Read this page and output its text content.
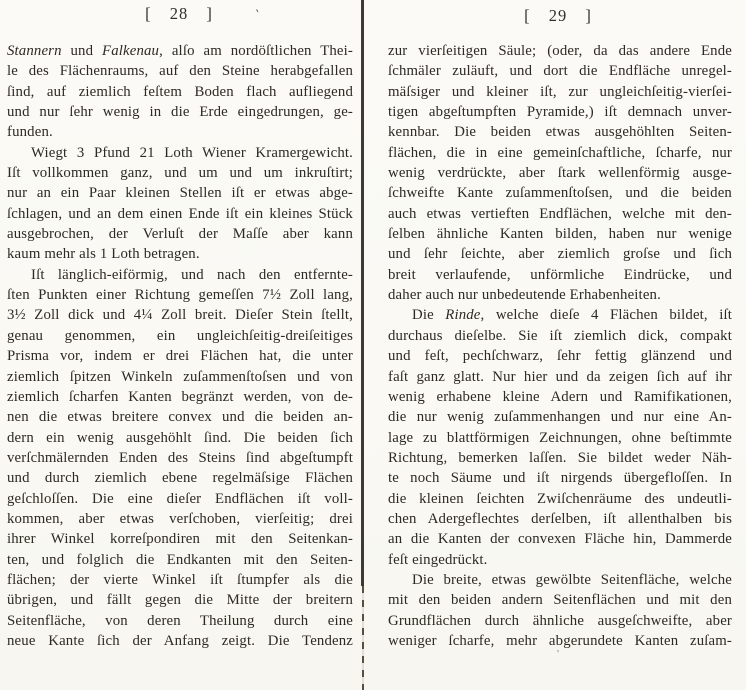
[ 28 ]	[ 29 ]
`
'
Stannern und Falkenau, alſo am nordöſtlichen Thei-
le des Flächenraums, auf den Steine herabgefallen
ſind, auf ziemlich feſtem Boden flach aufliegend
und nur ſehr wenig in die Erde eingedrungen, ge-
funden.
Wiegt 3 Pfund 21 Loth Wiener Kramergewicht.
Iſt vollkommen ganz, und um und um inkruſtirt;
nur an ein Paar kleinen Stellen iſt er etwas abge-
ſchlagen, und an dem einen Ende iſt ein kleines Stück
ausgebrochen, der Verluſt der Maſſe aber kann
kaum mehr als 1 Loth betragen.
Iſt länglich-eiförmig, und nach den entfernte-
ſten Punkten einer Richtung gemeſſen 7½ Zoll lang,
3½ Zoll dick und 4¼ Zoll breit. Dieſer Stein ſtellt,
genau genommen, ein ungleichſeitig-dreiſeitiges
Prisma vor, indem er drei Flächen hat, die unter
ziemlich ſpitzen Winkeln zuſammenſtoſsen und von
ziemlich ſcharfen Kanten begränzt werden, von de-
nen die etwas breitere convex und die beiden an-
dern ein wenig ausgehöhlt ſind. Die beiden ſich
verſchmälernden Enden des Steins ſind abgeſtumpft
und durch ziemlich ebene regelmäſsige Flächen
geſchloſſen. Die eine dieſer Endflächen iſt voll-
kommen, aber etwas verſchoben, vierſeitig; drei
ihrer Winkel korreſpondiren mit den Seitenkan-
ten, und folglich die Endkanten mit den Seiten-
flächen; der vierte Winkel iſt ſtumpfer als die
übrigen, und fällt gegen die Mitte der breitern
Seitenfläche, von deren Theilung durch eine
neue Kante ſich der Anfang zeigt. Die Tendenz
zur vierſeitigen Säule; (oder, da das andere Ende
ſchmäler zuläuft, und dort die Endfläche unregel-
mäſsiger und kleiner iſt, zur ungleichſeitig-vierſei-
tigen abgeſtumpften Pyramide,) iſt demnach unver-
kennbar. Die beiden etwas ausgehöhlten Seiten-
flächen, die in eine gemeinſchaftliche, ſcharfe, nur
wenig verdrückte, aber ſtark wellenförmig ausge-
ſchweifte Kante zuſammenſtoſsen, und die beiden
auch etwas vertieften Endflächen, welche mit den-
ſelben ähnliche Kanten bilden, haben nur wenige
und ſehr ſeichte, aber ziemlich groſse und ſich
breit verlaufende, unförmliche Eindrücke, und
daher auch nur unbedeutende Erhabenheiten.
Die Rinde, welche dieſe 4 Flächen bildet, iſt
durchaus dieſelbe. Sie iſt ziemlich dick, compakt
und feſt, pechſchwarz, ſehr fettig glänzend und
faſt ganz glatt. Nur hier und da zeigen ſich auf ihr
wenig erhabene kleine Adern und Ramifikationen,
die nur wenig zuſammenhangen und nur eine An-
lage zu blattförmigen Zeichnungen, ohne beſtimmte
Richtung, bemerken laſſen. Sie bildet weder Näh-
te noch Säume und iſt nirgends übergefloſſen. In
die kleinen ſeichten Zwiſchenräume des undeutli-
chen Adergeflechtes derſelben, iſt allenthalben bis
an die Kanten der convexen Fläche hin, Dammerde
feſt eingedrückt.
Die breite, etwas gewölbte Seitenfläche, welche
mit den beiden andern Seitenflächen und mit den
Grundflächen durch ähnliche ausgeſchweifte, aber
weniger ſcharfe, mehr abgerundete Kanten zuſam-
